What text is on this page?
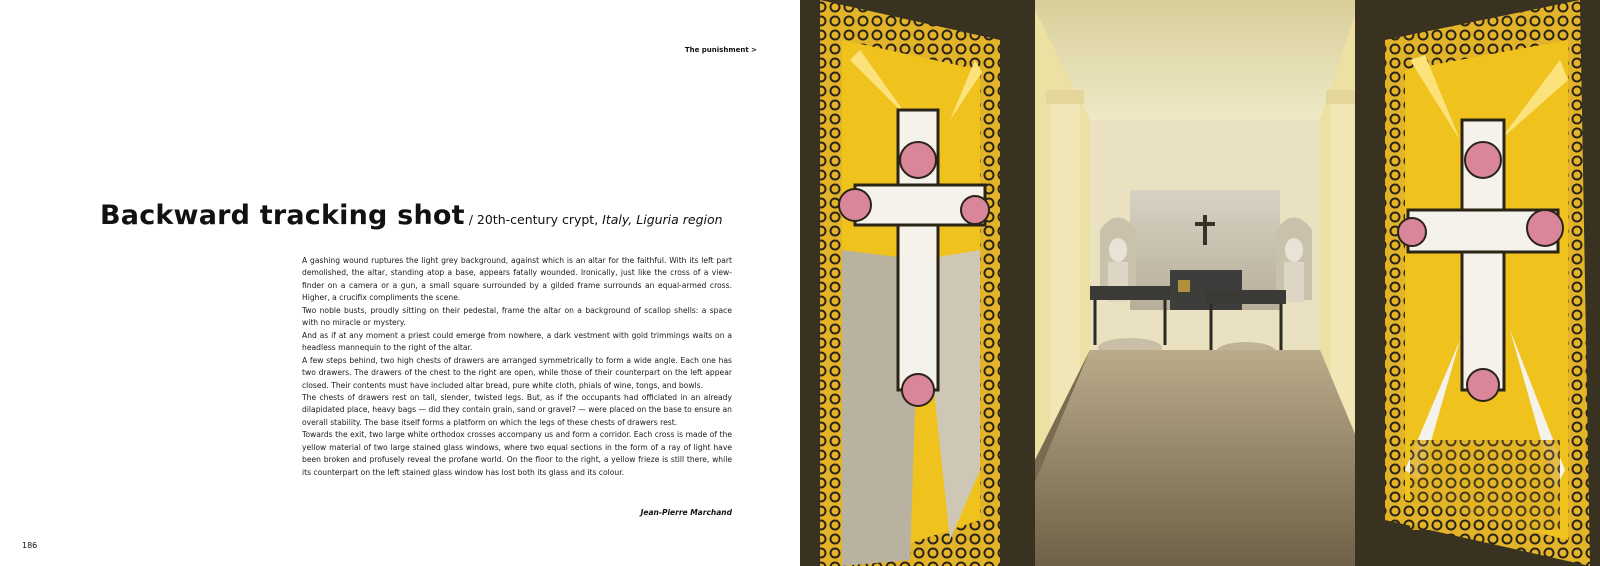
The punishment >
Backward tracking shot / 20th-century crypt, Italy, Liguria region

A gashing wound ruptures the light grey background, against which is an altar for the faithful. With its left part demolished, the altar, standing atop a base, appears fatally wounded. Ironically, just like the cross of a view-finder on a camera or a gun, a small square surrounded by a gilded frame surrounds an equal-armed cross. Higher, a crucifix compliments the scene.

Two noble busts, proudly sitting on their pedestal, frame the altar on a background of scallop shells: a space with no miracle or mystery.

And as if at any moment a priest could emerge from nowhere, a dark vestment with gold trimmings waits on a headless mannequin to the right of the altar.

A few steps behind, two high chests of drawers are arranged symmetrically to form a wide angle. Each one has two drawers. The drawers of the chest to the right are open, while those of their counterpart on the left appear closed. Their contents must have included altar bread, pure white cloth, phials of wine, tongs, and bowls.

The chests of drawers rest on tall, slender, twisted legs. But, as if the occupants had officiated in an already dilapidated place, heavy bags — did they contain grain, sand or gravel? — were placed on the base to ensure an overall stability. The base itself forms a platform on which the legs of these chests of drawers rest.

Towards the exit, two large white orthodox crosses accompany us and form a corridor. Each cross is made of the yellow material of two large stained glass windows, where two equal sections in the form of a ray of light have been broken and profusely reveal the profane world. On the floor to the right, a yellow frieze is still there, while its counterpart on the left stained glass window has lost both its glass and its colour.

Jean-Pierre Marchand
186
